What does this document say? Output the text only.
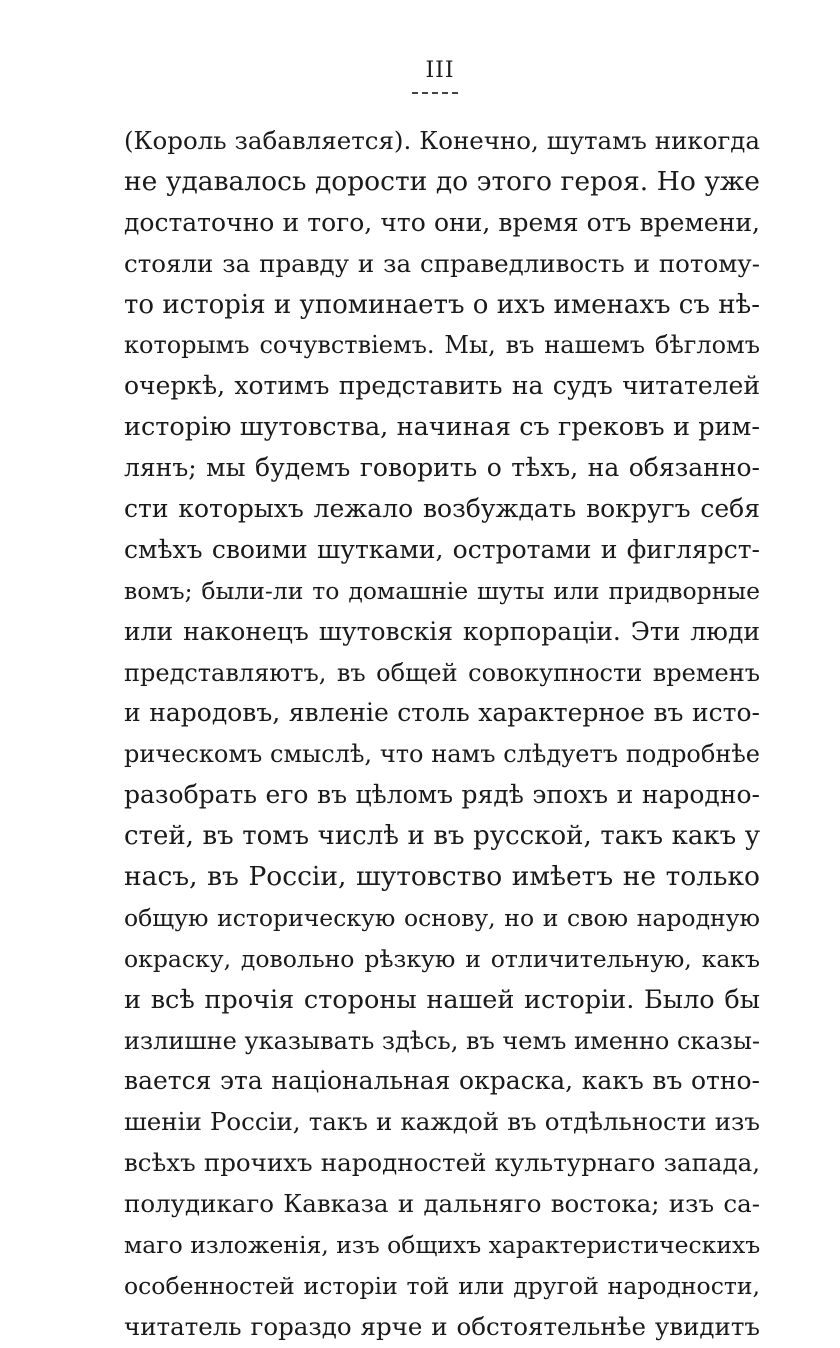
III
(Король забавляется). Конечно, шутамъ никогда
не удавалось дорости до этого героя. Но уже
достаточно и того, что они, время отъ времени,
стояли за правду и за справедливость и потому-
то исторія и упоминаетъ о ихъ именахъ съ нѣ-
которымъ сочувствіемъ. Мы, въ нашемъ бѣгломъ
очеркѣ, хотимъ представить на судъ читателей
исторію шутовства, начиная съ грековъ и рим-
лянъ; мы будемъ говорить о тѣхъ, на обязанно-
сти которыхъ лежало возбуждать вокругъ себя
смѣхъ своими шутками, остротами и фиглярст-
вомъ; были-ли то домашніе шуты или придворные
или наконецъ шутовскія корпораціи. Эти люди
представляютъ, въ общей совокупности временъ
и народовъ, явленіе столь характерное въ исто-
рическомъ смыслѣ, что намъ слѣдуетъ подробнѣе
разобрать его въ цѣломъ рядѣ эпохъ и народно-
стей, въ томъ числѣ и въ русской, такъ какъ у
насъ, въ Россіи, шутовство имѣетъ не только
общую историческую основу, но и свою народную
окраску, довольно рѣзкую и отличительную, какъ
и всѣ прочія стороны нашей исторіи. Было бы
излишне указывать здѣсь, въ чемъ именно сказы-
вается эта національная окраска, какъ въ отно-
шеніи Россіи, такъ и каждой въ отдѣльности изъ
всѣхъ прочихъ народностей культурнаго запада,
полудикаго Кавказа и дальняго востока; изъ са-
маго изложенія, изъ общихъ характеристическихъ
особенностей исторіи той или другой народности,
читатель гораздо ярче и обстоятельнѣе увидитъ
